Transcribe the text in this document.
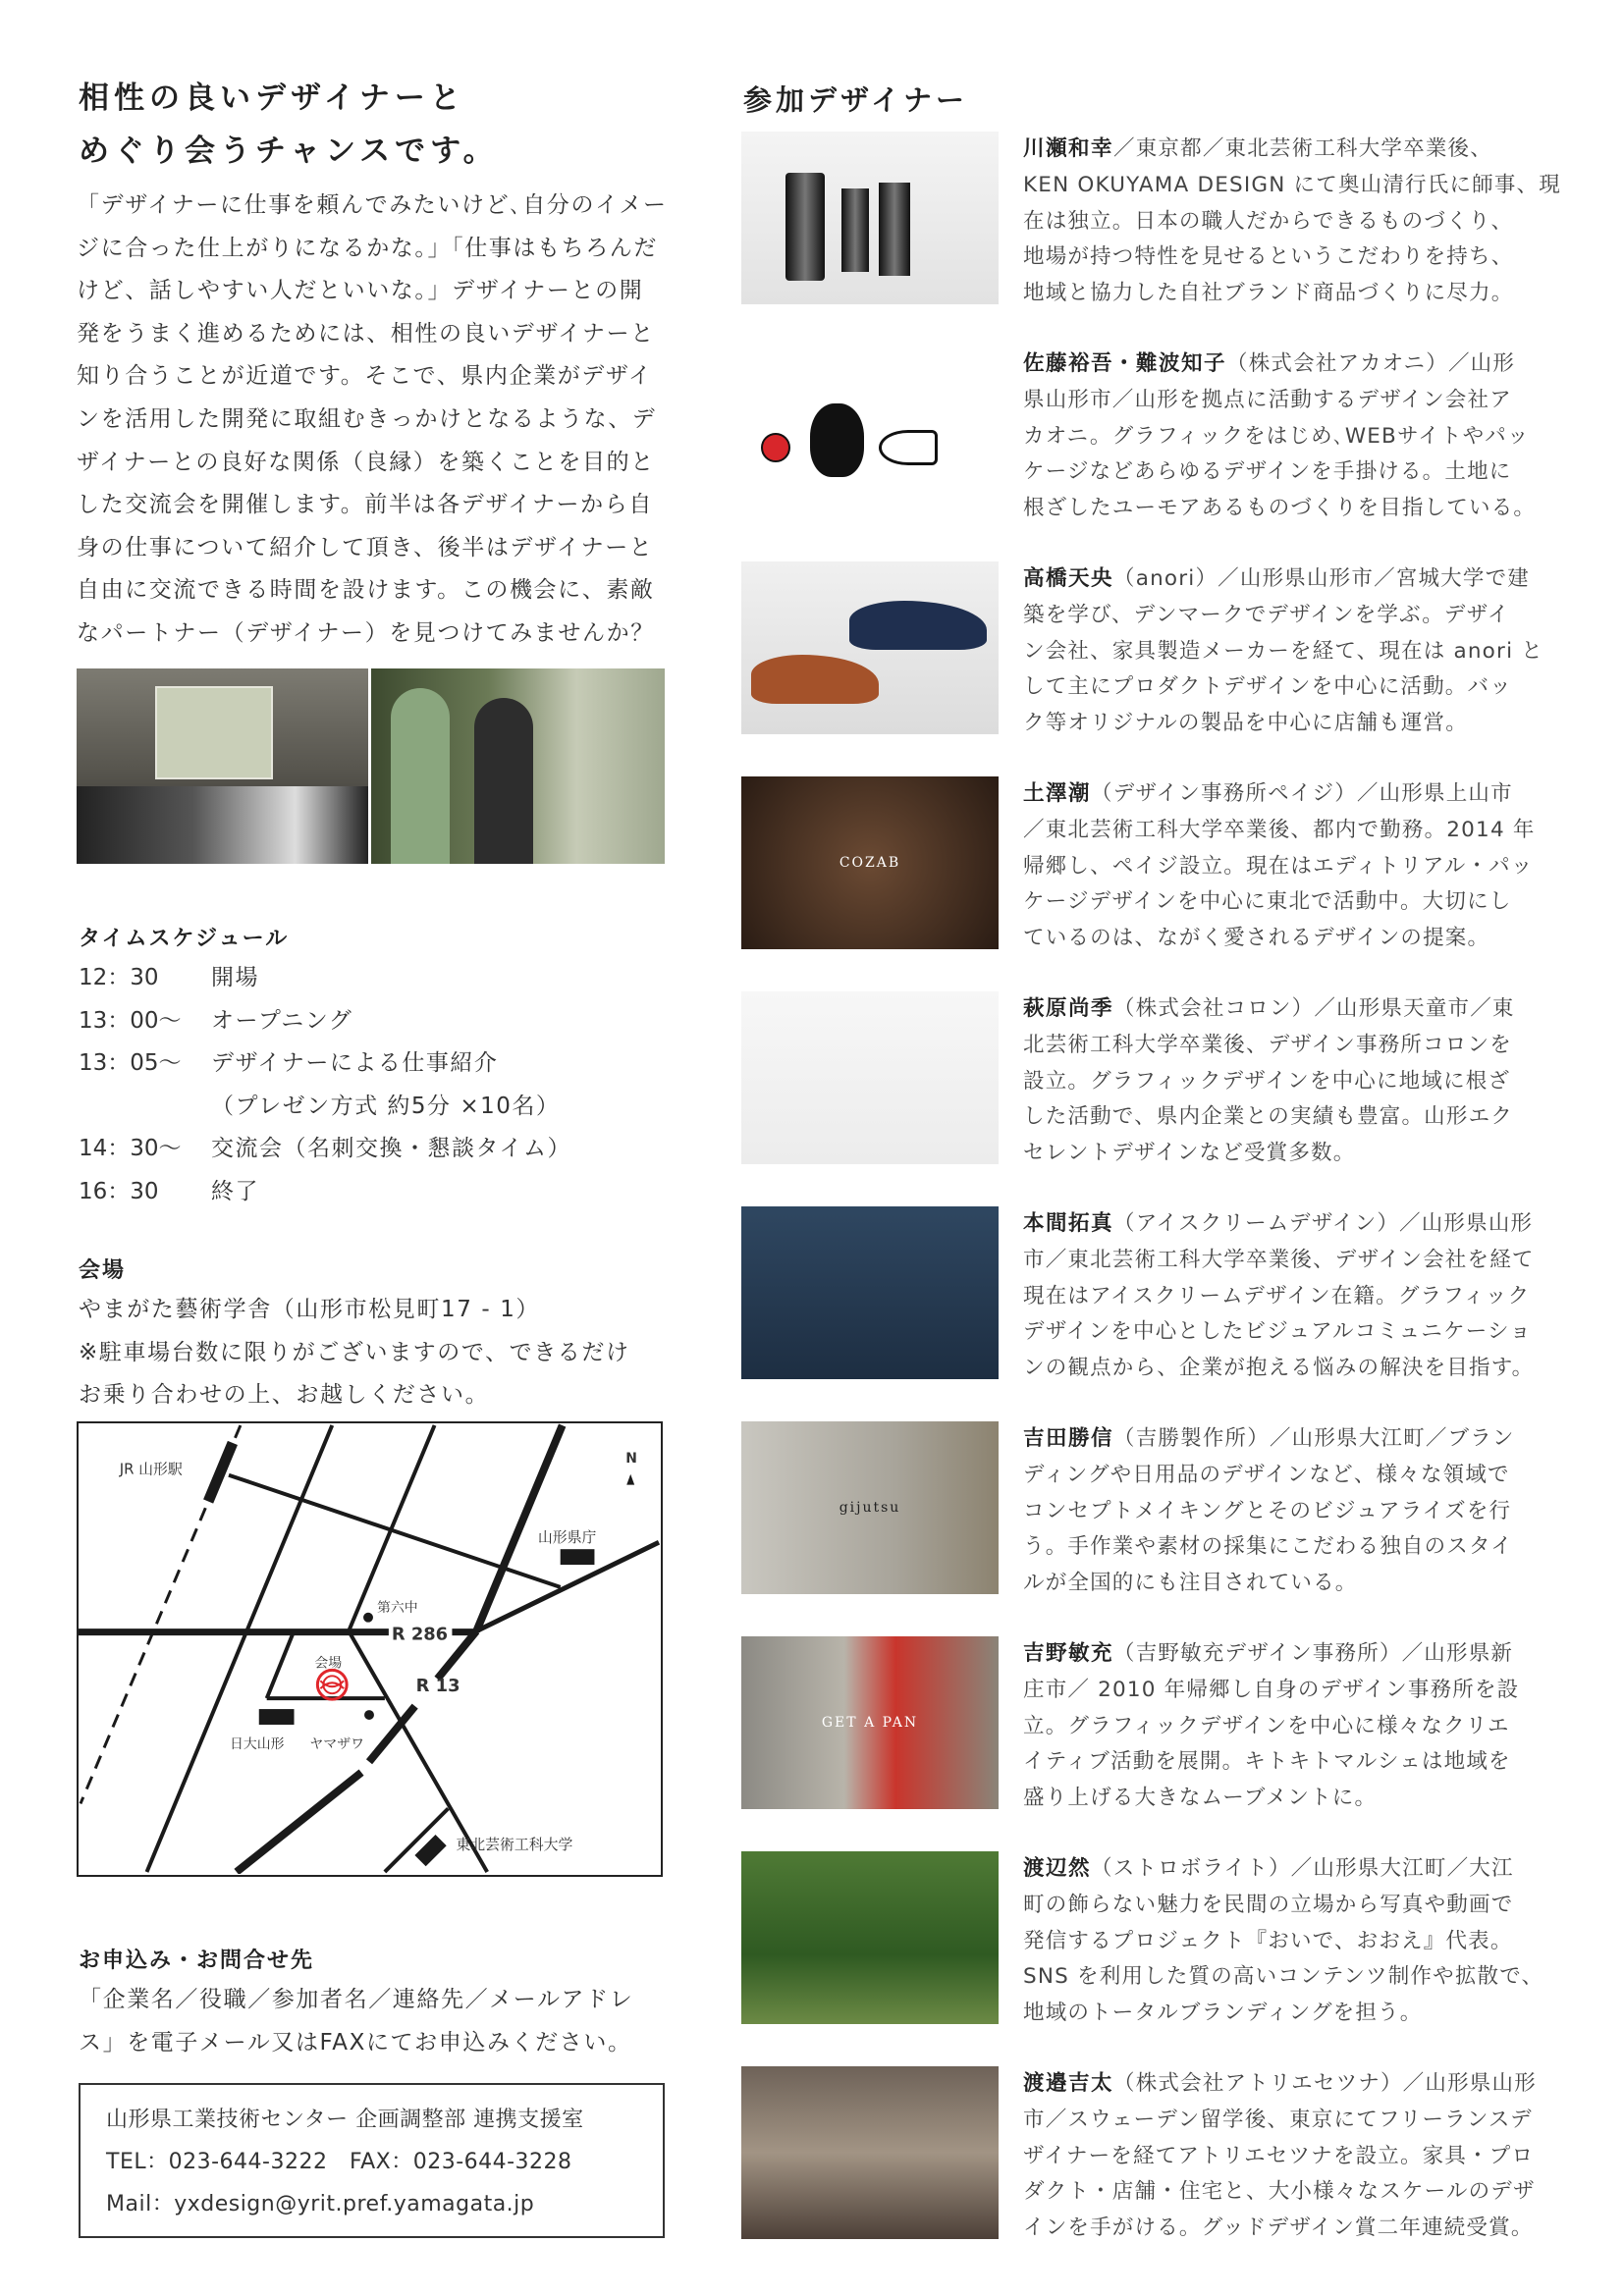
相性の良いデザイナーと
めぐり会うチャンスです。
「デザイナーに仕事を頼んでみたいけど､自分のイメー
ジに合った仕上がりになるかな。」「仕事はもちろんだ
けど、話しやすい人だといいな。」デザイナーとの開
発をうまく進めるためには、相性の良いデザイナーと
知り合うことが近道です。そこで、県内企業がデザイ
ンを活用した開発に取組むきっかけとなるような、デ
ザイナーとの良好な関係（良縁）を築くことを目的と
した交流会を開催します。前半は各デザイナーから自
身の仕事について紹介して頂き、後半はデザイナーと
自由に交流できる時間を設けます。この機会に、素敵
なパートナー（デザイナー）を見つけてみませんか？
タイムスケジュール
12：30	開場
13：00～	オープニング
13：05～	デザイナーによる仕事紹介
（プレゼン方式 約5分 ×10名）
14：30～	交流会（名刺交換・懇談タイム）
16：30	終了
会場
やまがた藝術学舎（山形市松見町17 - 1）
※駐車場台数に限りがございますので、できるだけ
お乗り合わせの上、お越しください。
JR 山形駅
N
山形県庁
第六中
R 286
会場
R 13
日大山形 ヤマザワ
東北芸術工科大学
お申込み・お問合せ先
「企業名／役職／参加者名／連絡先／メールアドレ
ス」を電子メール又はFAXにてお申込みください。
山形県工業技術センター 企画調整部 連携支援室
TEL：023-644-3222　FAX：023-644-3228
Mail：yxdesign@yrit.pref.yamagata.jp
参加デザイナー
川瀬和幸／東京都／東北芸術工科大学卒業後、
KEN OKUYAMA DESIGN にて奥山清行氏に師事、現
在は独立。日本の職人だからできるものづくり、
地場が持つ特性を見せるというこだわりを持ち、
地域と協力した自社ブランド商品づくりに尽力。
佐藤裕吾・難波知子（株式会社アカオニ）／山形
県山形市／山形を拠点に活動するデザイン会社ア
カオニ。グラフィックをはじめ､WEBサイトやパッ
ケージなどあらゆるデザインを手掛ける。土地に
根ざしたユーモアあるものづくりを目指している。
高橋天央（anori）／山形県山形市／宮城大学で建
築を学び、デンマークでデザインを学ぶ。デザイ
ン会社、家具製造メーカーを経て、現在は anori と
して主にプロダクトデザインを中心に活動。バッ
ク等オリジナルの製品を中心に店舗も運営。
COZAB
土澤潮（デザイン事務所ペイジ）／山形県上山市
／東北芸術工科大学卒業後、都内で勤務。2014 年
帰郷し、ペイジ設立。現在はエディトリアル・パッ
ケージデザインを中心に東北で活動中。大切にし
ているのは、ながく愛されるデザインの提案。
萩原尚季（株式会社コロン）／山形県天童市／東
北芸術工科大学卒業後、デザイン事務所コロンを
設立。グラフィックデザインを中心に地域に根ざ
した活動で、県内企業との実績も豊富。山形エク
セレントデザインなど受賞多数。
本間拓真（アイスクリームデザイン）／山形県山形
市／東北芸術工科大学卒業後、デザイン会社を経て
現在はアイスクリームデザイン在籍。グラフィック
デザインを中心としたビジュアルコミュニケーショ
ンの観点から、企業が抱える悩みの解決を目指す。
gijutsu
吉田勝信（吉勝製作所）／山形県大江町／ブラン
ディングや日用品のデザインなど、様々な領域で
コンセプトメイキングとそのビジュアライズを行
う。手作業や素材の採集にこだわる独自のスタイ
ルが全国的にも注目されている。
GET A PAN
吉野敏充（吉野敏充デザイン事務所）／山形県新
庄市／ 2010 年帰郷し自身のデザイン事務所を設
立。グラフィックデザインを中心に様々なクリエ
イティブ活動を展開。キトキトマルシェは地域を
盛り上げる大きなムーブメントに。
渡辺然（ストロボライト）／山形県大江町／大江
町の飾らない魅力を民間の立場から写真や動画で
発信するプロジェクト『おいで、おおえ』代表。
SNS を利用した質の高いコンテンツ制作や拡散で、
地域のトータルブランディングを担う。
渡邉吉太（株式会社アトリエセツナ）／山形県山形
市／スウェーデン留学後、東京にてフリーランスデ
ザイナーを経てアトリエセツナを設立。家具・プロ
ダクト・店舗・住宅と、大小様々なスケールのデザ
インを手がける。グッドデザイン賞二年連続受賞。
